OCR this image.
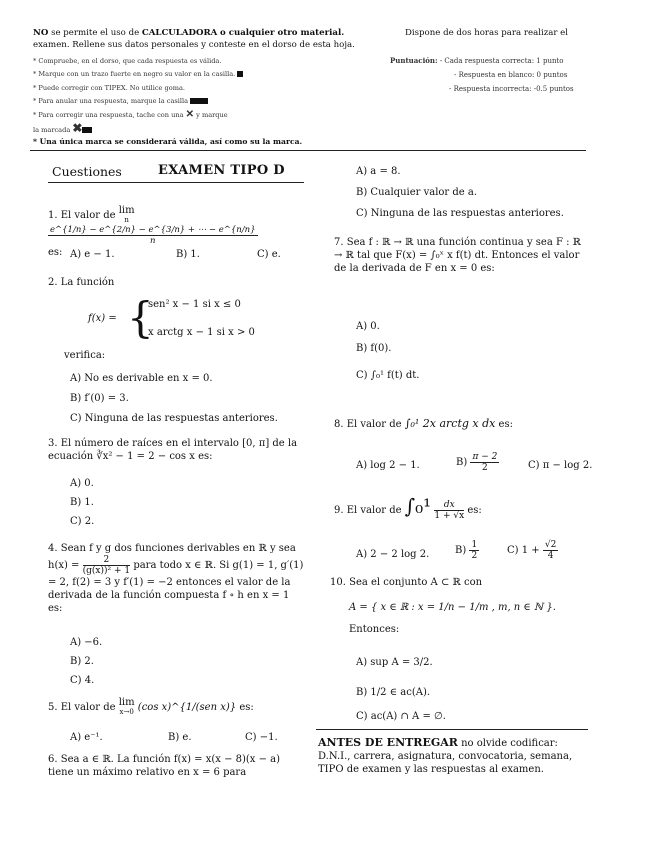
NO se permite el uso de CALCULADORA o cualquier otro material.	Dispone de dos horas para realizar el
examen. Rellene sus datos personales y conteste en el dorso de esta hoja.
* Compruebe, en el dorso, que cada respuesta es válida.
* Marque con un trazo fuerte en negro su valor en la casilla.
* Puede corregir con TIPEX. No utilice goma.
* Para anular una respuesta, marque la casilla
* Para corregir una respuesta, tache con una ✕ y marque
la marcada ✖
* Una única marca se considerará válida, así como su la marca.
Puntuación: - Cada respuesta correcta: 1 punto
- Respuesta en blanco: 0 puntos
- Respuesta incorrecta: -0.5 puntos
Cuestiones	EXAMEN TIPO D
1. El valor de lim
n
$\frac{e\^{}\{1/n\} - e\^{}\{2/n\} - e\^{}\{3/n\} + \cdots - e\^{}\{n/n\}}{n}$

es: A) e − 1.	B) 1.	C) e.
2. La función
f(x) = {
sen² x − 1 si x ≤ 0
x arctg x − 1 si x > 0
verifica:
A) No es derivable en x = 0.
B) f′(0) = 3.
C) Ninguna de las respuestas anteriores.
3. El número de raíces en el intervalo [0, π] de la ecuación ∛x² − 1 = 2 − cos x es:
A) 0.
B) 1.
C) 2.
4. Sean f y g dos funciones derivables en ℝ y sea $h(x) = \frac{2}{\text{(g(x))² + 1}}$ para todo x ∈ ℝ. Si g(1) = 1, g′(1) = 2, f(2) = 3 y f′(1) = −2 entonces el valor de la derivada de la función compuesta f ∘ h en x = 1 es:
A) −6.
B) 2.
C) 4.
5. El valor de lim
x→0 (cos x)^{1/(sen x)} es:
A) e⁻¹.	B) e.	C) −1.
6. Sea a ∈ ℝ. La función f(x) = x(x − 8)(x − a) tiene un máximo relativo en x = 6 para
A) a = 8.
B) Cualquier valor de a.
C) Ninguna de las respuestas anteriores.
7. Sea f : ℝ → ℝ una función continua y sea F : ℝ → ℝ tal que F(x) = ∫₀ˣ x f(t) dt. Entonces el valor de la derivada de F en x = 0 es:
A) 0.
B) f(0).
C) ∫₀¹ f(t) dt.
8. El valor de ∫₀¹ 2x arctg x dx es:
A) log 2 − 1.	$B) \frac{\pi - 2}{2}$	C) π − log 2.
9. El valor de $\int_0^1 \frac{dx}{1 + √x}$ es:
A) 2 − 2 log 2.	$B) \frac{1}{2}$	C) $1 + \frac{√2}{4}$
10. Sea el conjunto A ⊂ ℝ con
A = { x ∈ ℝ : x = 1/n − 1/m , m, n ∈ ℕ }.
Entonces:
A) sup A = 3/2.
B) 1/2 ∈ ac(A).
C) ac(A) ∩ A = ∅.
ANTES DE ENTREGAR no olvide codificar: D.N.I., carrera, asignatura, convocatoria, semana, TIPO de examen y las respuestas al examen.
